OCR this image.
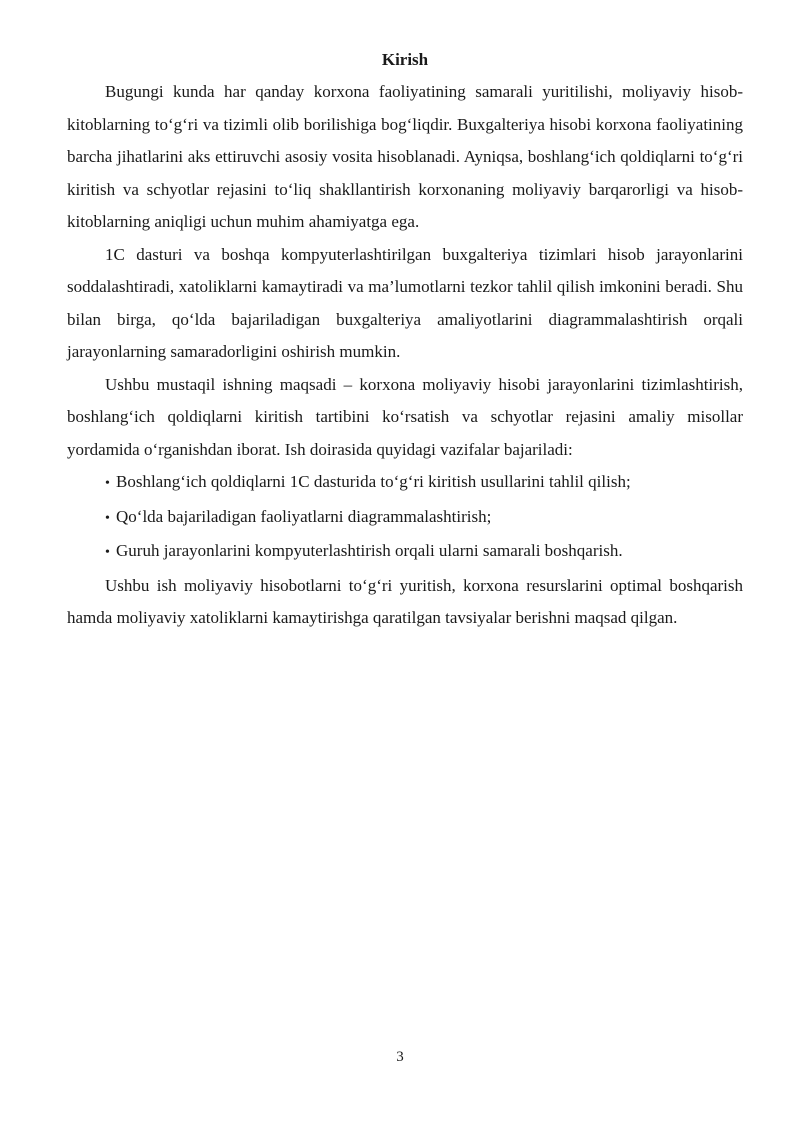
Kirish

Bugungi kunda har qanday korxona faoliyatining samarali yuritilishi, moliyaviy hisob-kitoblarning to‘g‘ri va tizimli olib borilishiga bog‘liqdir. Buxgalteriya hisobi korxona faoliyatining barcha jihatlarini aks ettiruvchi asosiy vosita hisoblanadi. Ayniqsa, boshlang‘ich qoldiqlarni to‘g‘ri kiritish va schyotlar rejasini to‘liq shakllantirish korxonaning moliyaviy barqarorligi va hisob-kitoblarning aniqligi uchun muhim ahamiyatga ega.

1C dasturi va boshqa kompyuterlashtirilgan buxgalteriya tizimlari hisob jarayonlarini soddalashtiradi, xatoliklarni kamaytiradi va ma’lumotlarni tezkor tahlil qilish imkonini beradi. Shu bilan birga, qo‘lda bajariladigan buxgalteriya amaliyotlarini diagrammalashtirish orqali jarayonlarning samaradorligini oshirish mumkin.

Ushbu mustaqil ishning maqsadi – korxona moliyaviy hisobi jarayonlarini tizimlashtirish, boshlang‘ich qoldiqlarni kiritish tartibini ko‘rsatish va schyotlar rejasini amaliy misollar yordamida o‘rganishdan iborat. Ish doirasida quyidagi vazifalar bajariladi:

• Boshlang‘ich qoldiqlarni 1C dasturida to‘g‘ri kiritish usullarini tahlil qilish;
• Qo‘lda bajariladigan faoliyatlarni diagrammalashtirish;
• Guruh jarayonlarini kompyuterlashtirish orqali ularni samarali boshqarish.

Ushbu ish moliyaviy hisobotlarni to‘g‘ri yuritish, korxona resurslarini optimal boshqarish hamda moliyaviy xatoliklarni kamaytirishga qaratilgan tavsiyalar berishni maqsad qilgan.

3
